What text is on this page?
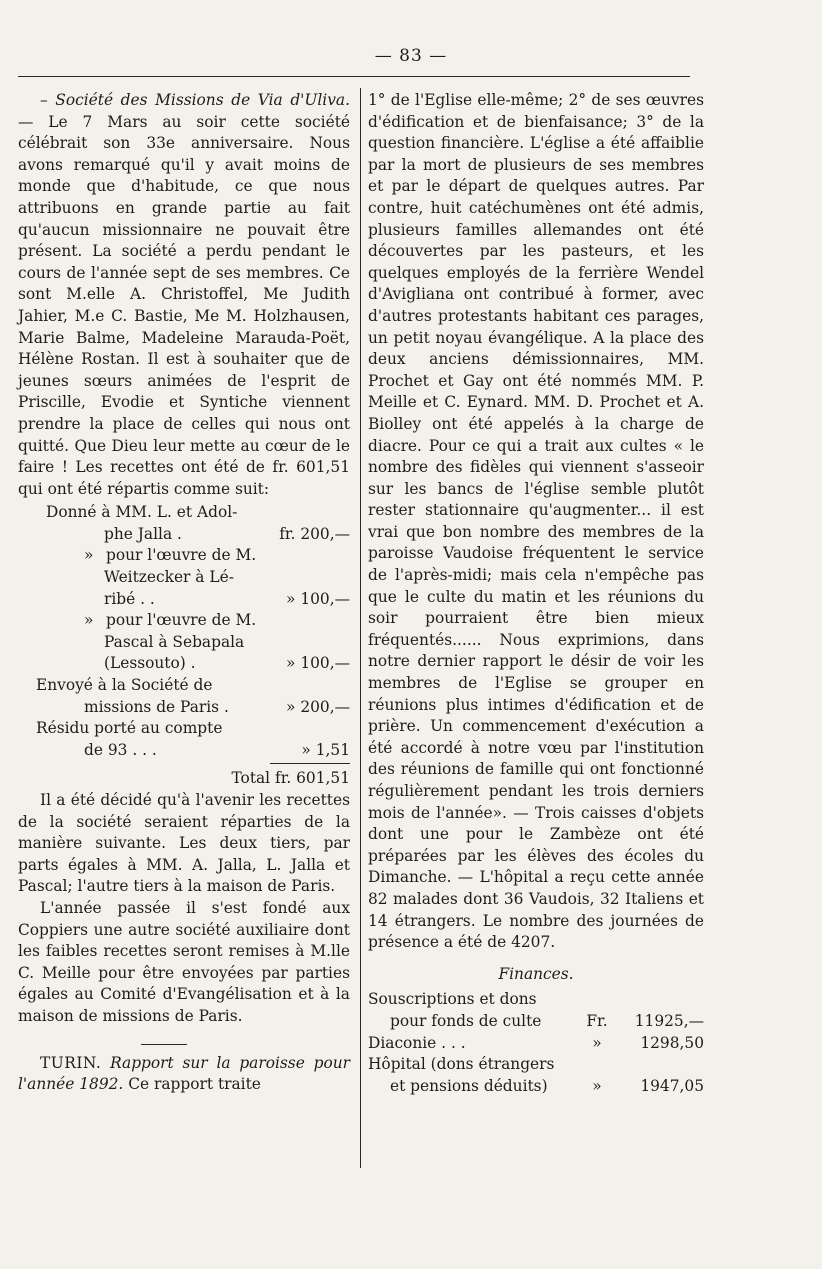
— 83 —

– Société des Missions de Via d'Uliva. — Le 7 Mars au soir cette société célébrait son 33e anniversaire. Nous avons remarqué qu'il y avait moins de monde que d'habitude, ce que nous attribuons en grande partie au fait qu'aucun missionnaire ne pouvait être présent. La société a perdu pendant le cours de l'année sept de ses membres. Ce sont M.elle A. Christoffel, Me Judith Jahier, M.e C. Bastie, Me M. Holzhausen, Marie Balme, Madeleine Marauda-Poët, Hélène Rostan. Il est à souhaiter que de jeunes sœurs animées de l'esprit de Priscille, Evodie et Syntiche viennent prendre la place de celles qui nous ont quitté. Que Dieu leur mette au cœur de le faire ! Les recettes ont été de fr. 601,51 qui ont été répartis comme suit:

Donné à MM. L. et Adol-
phe Jalla .	fr. 200,—
» pour l'œuvre de M.
Weitzecker à Lé-
ribé . .	» 100,—
» pour l'œuvre de M.
Pascal à Sebapala
(Lessouto) .	» 100,—
Envoyé à la Société de
missions de Paris .	» 200,—
Résidu porté au compte
de 93 . . .	» 1,51
Total fr. 601,51

Il a été décidé qu'à l'avenir les recettes de la société seraient réparties de la manière suivante. Les deux tiers, par parts égales à MM. A. Jalla, L. Jalla et Pascal; l'autre tiers à la maison de Paris.

L'année passée il s'est fondé aux Coppiers une autre société auxiliaire dont les faibles recettes seront remises à M.lle C. Meille pour être envoyées par parties égales au Comité d'Evangélisation et à la maison de missions de Paris.

TURIN. Rapport sur la paroisse pour l'année 1892. Ce rapport traite

1° de l'Eglise elle-même; 2° de ses œuvres d'édification et de bienfaisance; 3° de la question financière. L'église a été affaiblie par la mort de plusieurs de ses membres et par le départ de quelques autres. Par contre, huit catéchumènes ont été admis, plusieurs familles allemandes ont été découvertes par les pasteurs, et les quelques employés de la ferrière Wendel d'Avigliana ont contribué à former, avec d'autres protestants habitant ces parages, un petit noyau évangélique. A la place des deux anciens démissionnaires, MM. Prochet et Gay ont été nommés MM. P. Meille et C. Eynard. MM. D. Prochet et A. Biolley ont été appelés à la charge de diacre. Pour ce qui a trait aux cultes « le nombre des fidèles qui viennent s'asseoir sur les bancs de l'église semble plutôt rester stationnaire qu'augmenter... il est vrai que bon nombre des membres de la paroisse Vaudoise fréquentent le service de l'après-midi; mais cela n'empêche pas que le culte du matin et les réunions du soir pourraient être bien mieux fréquentés...... Nous exprimions, dans notre dernier rapport le désir de voir les membres de l'Eglise se grouper en réunions plus intimes d'édification et de prière. Un commencement d'exécution a été accordé à notre vœu par l'institution des réunions de famille qui ont fonctionné régulièrement pendant les trois derniers mois de l'année». — Trois caisses d'objets dont une pour le Zambèze ont été préparées par les élèves des écoles du Dimanche. — L'hôpital a reçu cette année 82 malades dont 36 Vaudois, 32 Italiens et 14 étrangers. Le nombre des journées de présence a été de 4207.

Finances.
Souscriptions et dons
pour fonds de culte	Fr.	11925,—
Diaconie . . .	»	1298,50
Hôpital (dons étrangers
et pensions déduits)	»	1947,05
